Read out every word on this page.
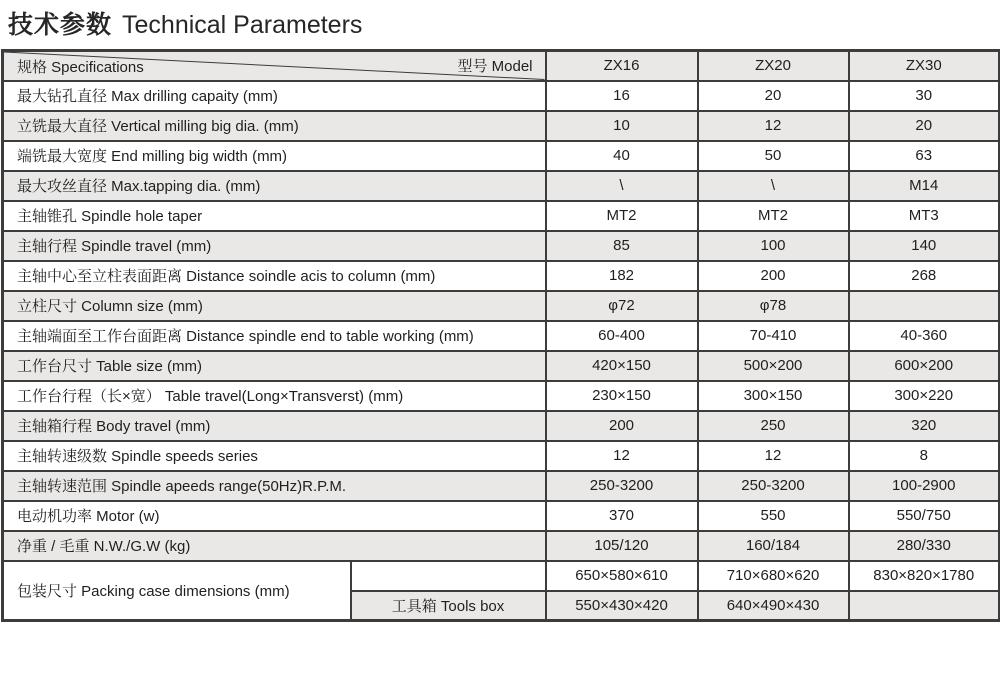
技术参数 Technical Parameters
规格 Specifications 型号 Model		ZX16	ZX20	ZX30
最大钻孔直径 Max drilling capaity (mm)		16	20	30
立铣最大直径 Vertical milling big dia. (mm)		10	12	20
端铣最大宽度 End milling big width (mm)		40	50	63
最大攻丝直径 Max.tapping dia. (mm)		\	\	M14
主轴锥孔 Spindle hole taper		MT2	MT2	MT3
主轴行程 Spindle travel (mm)		85	100	140
主轴中心至立柱表面距离 Distance soindle acis to column (mm)		182	200	268
立柱尺寸 Column size (mm)		φ72	φ78	
主轴端面至工作台面距离 Distance spindle end to table working (mm)		60-400	70-410	40-360
工作台尺寸 Table size (mm)		420×150	500×200	600×200
工作台行程（长×宽） Table travel(Long×Transverst) (mm)		230×150	300×150	300×220
主轴箱行程 Body travel (mm)		200	250	320
主轴转速级数 Spindle speeds series		12	12	8
主轴转速范围 Spindle apeeds range(50Hz)R.P.M.		250-3200	250-3200	100-2900
电动机功率 Motor (w)		370	550	550/750
净重 / 毛重 N.W./G.W (kg)		105/120	160/184	280/330
包装尺寸 Packing case dimensions (mm)		650×580×610	710×680×620	830×820×1780
	工具箱 Tools box	550×430×420	640×490×430	
